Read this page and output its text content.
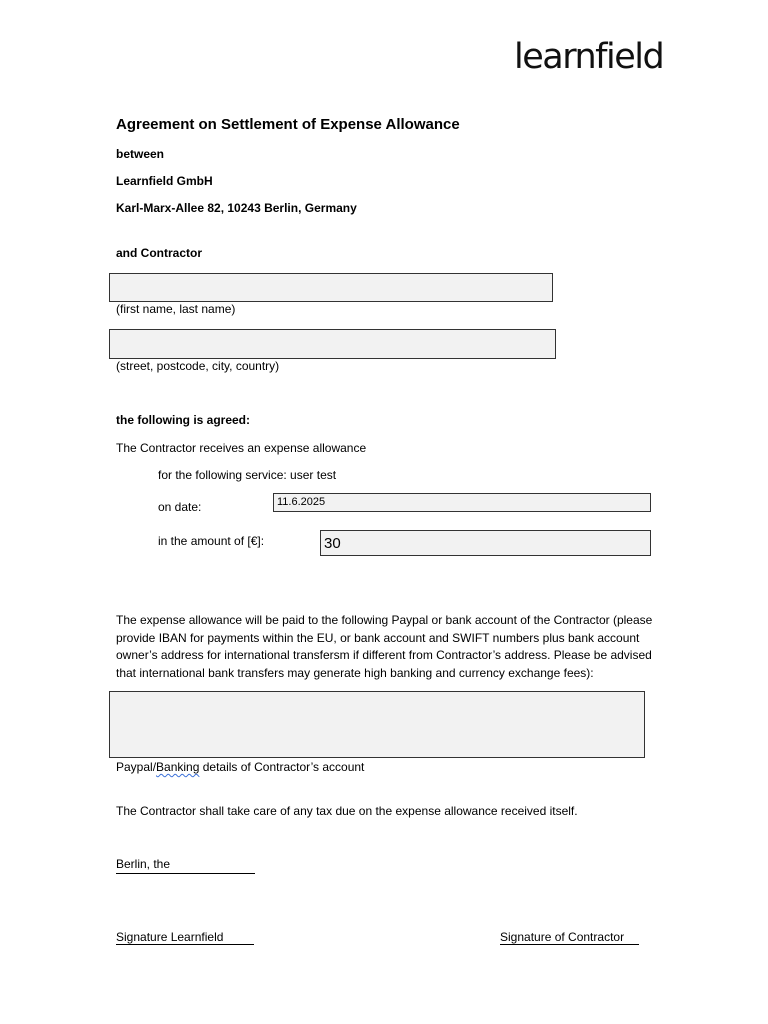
learnfield
Agreement on Settlement of Expense Allowance
between
Learnfield GmbH
Karl-Marx-Allee 82, 10243 Berlin, Germany
and Contractor
(first name, last name)
(street, postcode, city, country)
the following is agreed:
The Contractor receives an expense allowance
for the following service: user test
on date:	11.6.2025
in the amount of [€]:	30

The expense allowance will be paid to the following Paypal or bank account of the Contractor (please provide IBAN for payments within the EU, or bank account and SWIFT numbers plus bank account owner’s address for international transfersm if different from Contractor’s address. Please be advised that international bank transfers may generate high banking and currency exchange fees):

Paypal/Banking details of Contractor’s account
The Contractor shall take care of any tax due on the expense allowance received itself.
Berlin, the
Signature Learnfield	Signature of Contractor
